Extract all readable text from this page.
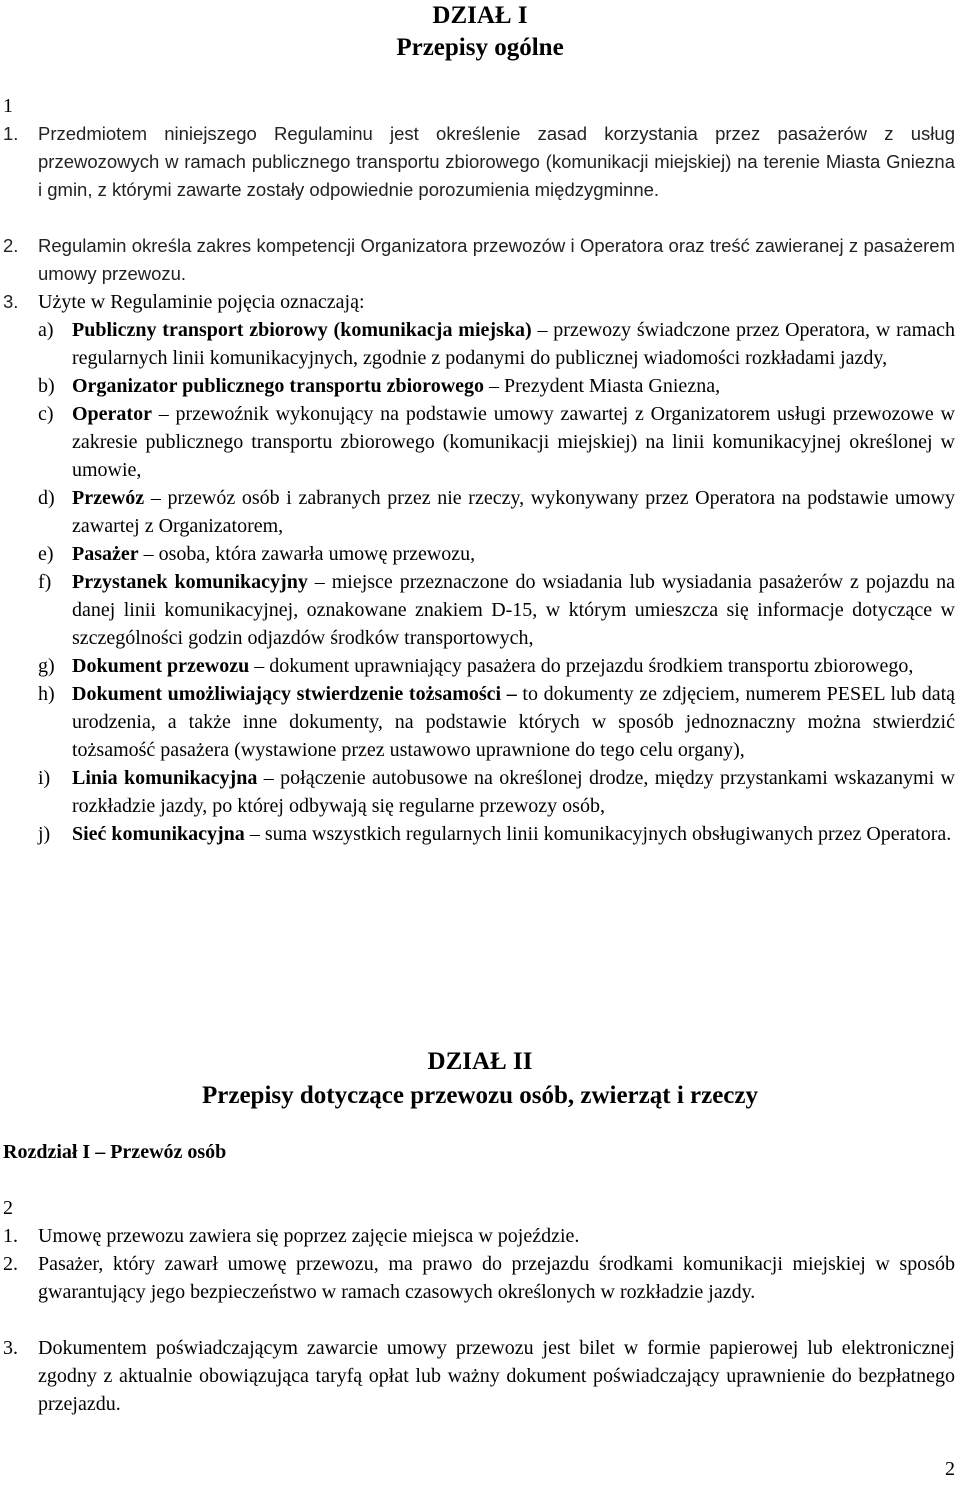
DZIAŁ I
Przepisy ogólne
1
1. Przedmiotem niniejszego Regulaminu jest określenie zasad korzystania przez pasażerów z usług przewozowych w ramach publicznego transportu zbiorowego (komunikacji miejskiej) na terenie Miasta Gniezna i gmin, z którymi zawarte zostały odpowiednie porozumienia międzygminne.
2. Regulamin określa zakres kompetencji Organizatora przewozów i Operatora oraz treść zawieranej z pasażerem umowy przewozu.
3. Użyte w Regulaminie pojęcia oznaczają:
a) Publiczny transport zbiorowy (komunikacja miejska) – przewozy świadczone przez Operatora, w ramach regularnych linii komunikacyjnych, zgodnie z podanymi do publicznej wiadomości rozkładami jazdy,
b) Organizator publicznego transportu zbiorowego – Prezydent Miasta Gniezna,
c) Operator – przewoźnik wykonujący na podstawie umowy zawartej z Organizatorem usługi przewozowe w zakresie publicznego transportu zbiorowego (komunikacji miejskiej) na linii komunikacyjnej określonej w umowie,
d) Przewóz – przewóz osób i zabranych przez nie rzeczy, wykonywany przez Operatora na podstawie umowy zawartej z Organizatorem,
e) Pasażer – osoba, która zawarła umowę przewozu,
f) Przystanek komunikacyjny – miejsce przeznaczone do wsiadania lub wysiadania pasażerów z pojazdu na danej linii komunikacyjnej, oznakowane znakiem D-15, w którym umieszcza się informacje dotyczące w szczególności godzin odjazdów środków transportowych,
g) Dokument przewozu – dokument uprawniający pasażera do przejazdu środkiem transportu zbiorowego,
h) Dokument umożliwiający stwierdzenie tożsamości – to dokumenty ze zdjęciem, numerem PESEL lub datą urodzenia, a także inne dokumenty, na podstawie których w sposób jednoznaczny można stwierdzić tożsamość pasażera (wystawione przez ustawowo uprawnione do tego celu organy),
i) Linia komunikacyjna – połączenie autobusowe na określonej drodze, między przystankami wskazanymi w rozkładzie jazdy, po której odbywają się regularne przewozy osób,
j) Sieć komunikacyjna – suma wszystkich regularnych linii komunikacyjnych obsługiwanych przez Operatora.
DZIAŁ II
Przepisy dotyczące przewozu osób, zwierząt i rzeczy
Rozdział I – Przewóz osób
2
1. Umowę przewozu zawiera się poprzez zajęcie miejsca w pojeździe.
2. Pasażer, który zawarł umowę przewozu, ma prawo do przejazdu środkami komunikacji miejskiej w sposób gwarantujący jego bezpieczeństwo w ramach czasowych określonych w rozkładzie jazdy.
3. Dokumentem poświadczającym zawarcie umowy przewozu jest bilet w formie papierowej lub elektronicznej zgodny z aktualnie obowiązująca taryfą opłat lub ważny dokument poświadczający uprawnienie do bezpłatnego przejazdu.
2
